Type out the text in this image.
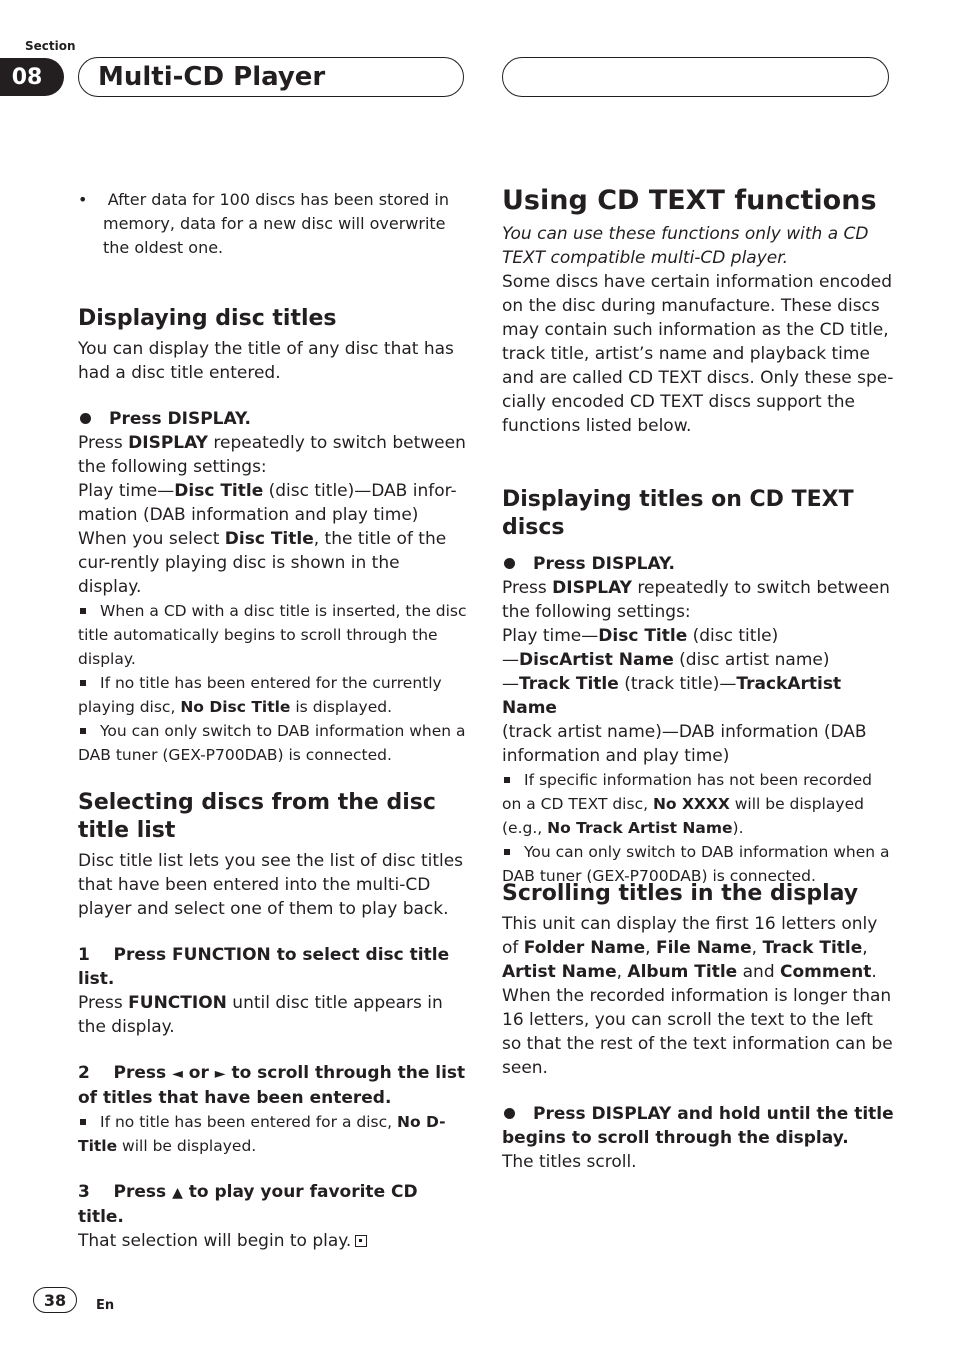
Section
08	Multi-CD Player

•    After data for 100 discs has been stored in memory, data for a new disc will overwrite the oldest one.

Displaying disc titles

You can display the title of any disc that has had a disc title entered.

Press DISPLAY.

Press DISPLAY repeatedly to switch between the following settings:

Play time—Disc Title (disc title)—DAB infor-mation (DAB information and play time)

When you select Disc Title, the title of the cur-rently playing disc is shown in the display.

When a CD with a disc title is inserted, the disc title automatically begins to scroll through the display.

If no title has been entered for the currently playing disc, No Disc Title is displayed.

You can only switch to DAB information when a DAB tuner (GEX-P700DAB) is connected.

Selecting discs from the disc title list

Disc title list lets you see the list of disc titles that have been entered into the multi-CD player and select one of them to play back.

1 Press FUNCTION to select disc title list.

Press FUNCTION until disc title appears in the display.

2 Press ◄ or ► to scroll through the list of titles that have been entered.

If no title has been entered for a disc, No D-Title will be displayed.

3 Press ▲ to play your favorite CD title.

That selection will begin to play.

Using CD TEXT functions

You can use these functions only with a CD TEXT compatible multi-CD player.

Some discs have certain information encoded on the disc during manufacture. These discs may contain such information as the CD title, track title, artist’s name and playback time and are called CD TEXT discs. Only these spe-cially encoded CD TEXT discs support the functions listed below.

Displaying titles on CD TEXT discs

Press DISPLAY.

Press DISPLAY repeatedly to switch between the following settings:

Play time—Disc Title (disc title)

—DiscArtist Name (disc artist name)

—Track Title (track title)—TrackArtist Name

(track artist name)—DAB information (DAB information and play time)

If specific information has not been recorded on a CD TEXT disc, No XXXX will be displayed (e.g., No Track Artist Name).

You can only switch to DAB information when a DAB tuner (GEX-P700DAB) is connected.

Scrolling titles in the display

This unit can display the first 16 letters only of Folder Name, File Name, Track Title, Artist Name, Album Title and Comment.

When the recorded information is longer than 16 letters, you can scroll the text to the left so that the rest of the text information can be seen.

Press DISPLAY and hold until the title begins to scroll through the display.

The titles scroll.

38	En
